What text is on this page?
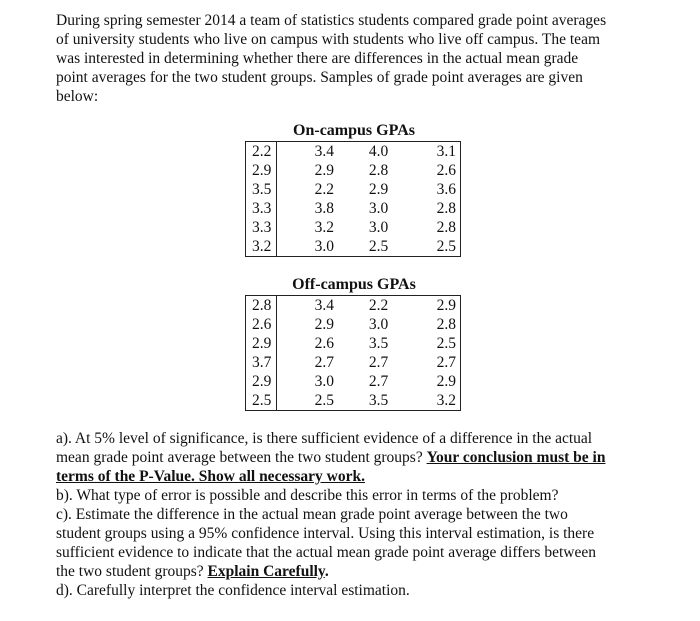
During spring semester 2014 a team of statistics students compared grade point averages
of university students who live on campus with students who live off campus. The team
was interested in determining whether there are differences in the actual mean grade
point averages for the two student groups. Samples of grade point averages are given
below:
On-campus GPAs
2.2	3.4	4.0	3.1
2.9	2.9	2.8	2.6
3.5	2.2	2.9	3.6
3.3	3.8	3.0	2.8
3.3	3.2	3.0	2.8
3.2	3.0	2.5	2.5
Off-campus GPAs
2.8	3.4	2.2	2.9
2.6	2.9	3.0	2.8
2.9	2.6	3.5	2.5
3.7	2.7	2.7	2.7
2.9	3.0	2.7	2.9
2.5	2.5	3.5	3.2
a). At 5% level of significance, is there sufficient evidence of a difference in the actual
mean grade point average between the two student groups? Your conclusion must be in
terms of the P-Value. Show all necessary work.
b). What type of error is possible and describe this error in terms of the problem?
c). Estimate the difference in the actual mean grade point average between the two
student groups using a 95% confidence interval. Using this interval estimation, is there
sufficient evidence to indicate that the actual mean grade point average differs between
the two student groups? Explain Carefully.
d). Carefully interpret the confidence interval estimation.
